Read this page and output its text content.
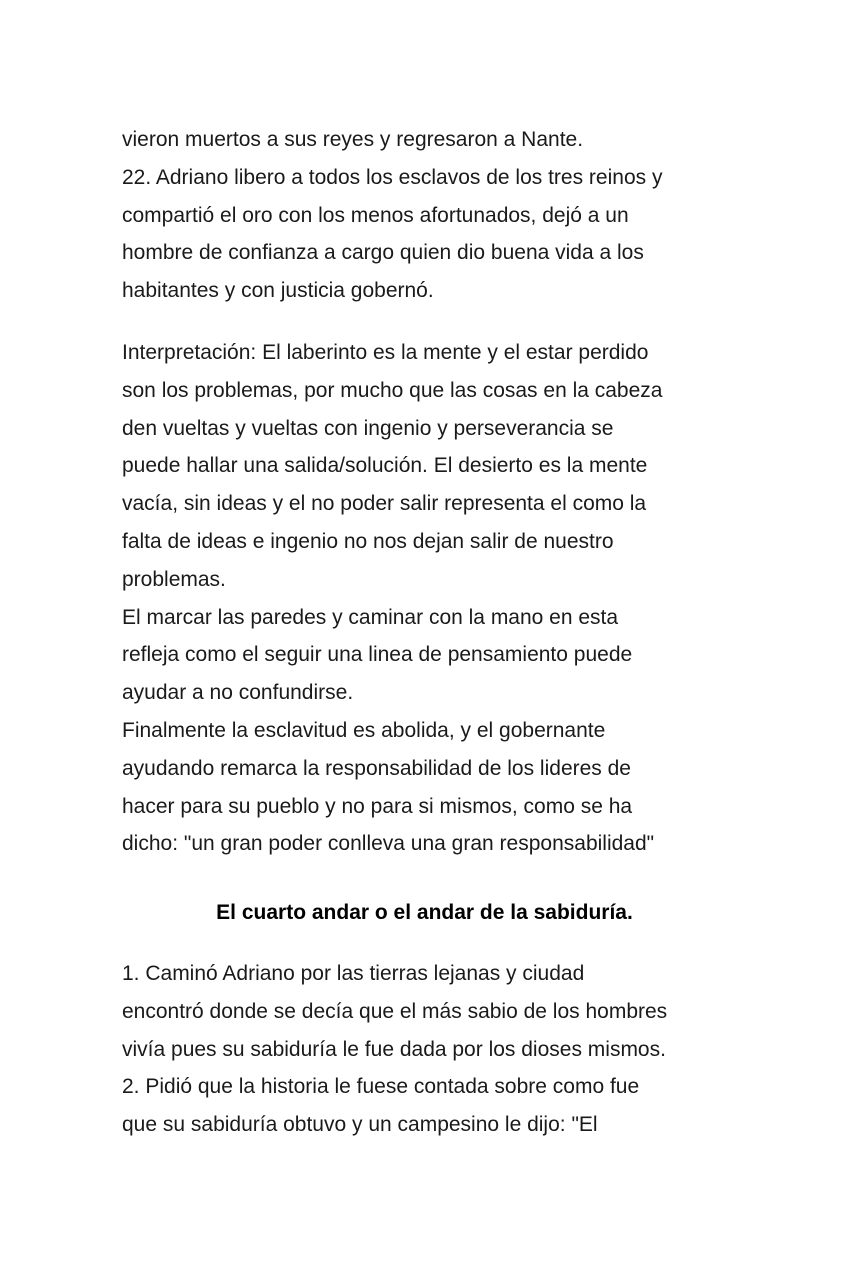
vieron muertos a sus reyes y regresaron a Nante.
22. Adriano libero a todos los esclavos de los tres reinos y
compartió el oro con los menos afortunados, dejó a un
hombre de confianza a cargo quien dio buena vida a los
habitantes y con justicia gobernó.
Interpretación: El laberinto es la mente y el estar perdido
son los problemas, por mucho que las cosas en la cabeza
den vueltas y vueltas con ingenio y perseverancia se
puede hallar una salida/solución. El desierto es la mente
vacía, sin ideas y el no poder salir representa el como la
falta de ideas e ingenio no nos dejan salir de nuestro
problemas.
El marcar las paredes y caminar con la mano en esta
refleja como el seguir una linea de pensamiento puede
ayudar a no confundirse.
Finalmente la esclavitud es abolida, y el gobernante
ayudando remarca la responsabilidad de los lideres de
hacer para su pueblo y no para si mismos, como se ha
dicho: "un gran poder conlleva una gran responsabilidad"
El cuarto andar o el andar de la sabiduría.
1. Caminó Adriano por las tierras lejanas y ciudad
encontró donde se decía que el más sabio de los hombres
vivía pues su sabiduría le fue dada por los dioses mismos.
2. Pidió que la historia le fuese contada sobre como fue
que su sabiduría obtuvo y un campesino le dijo: "El
